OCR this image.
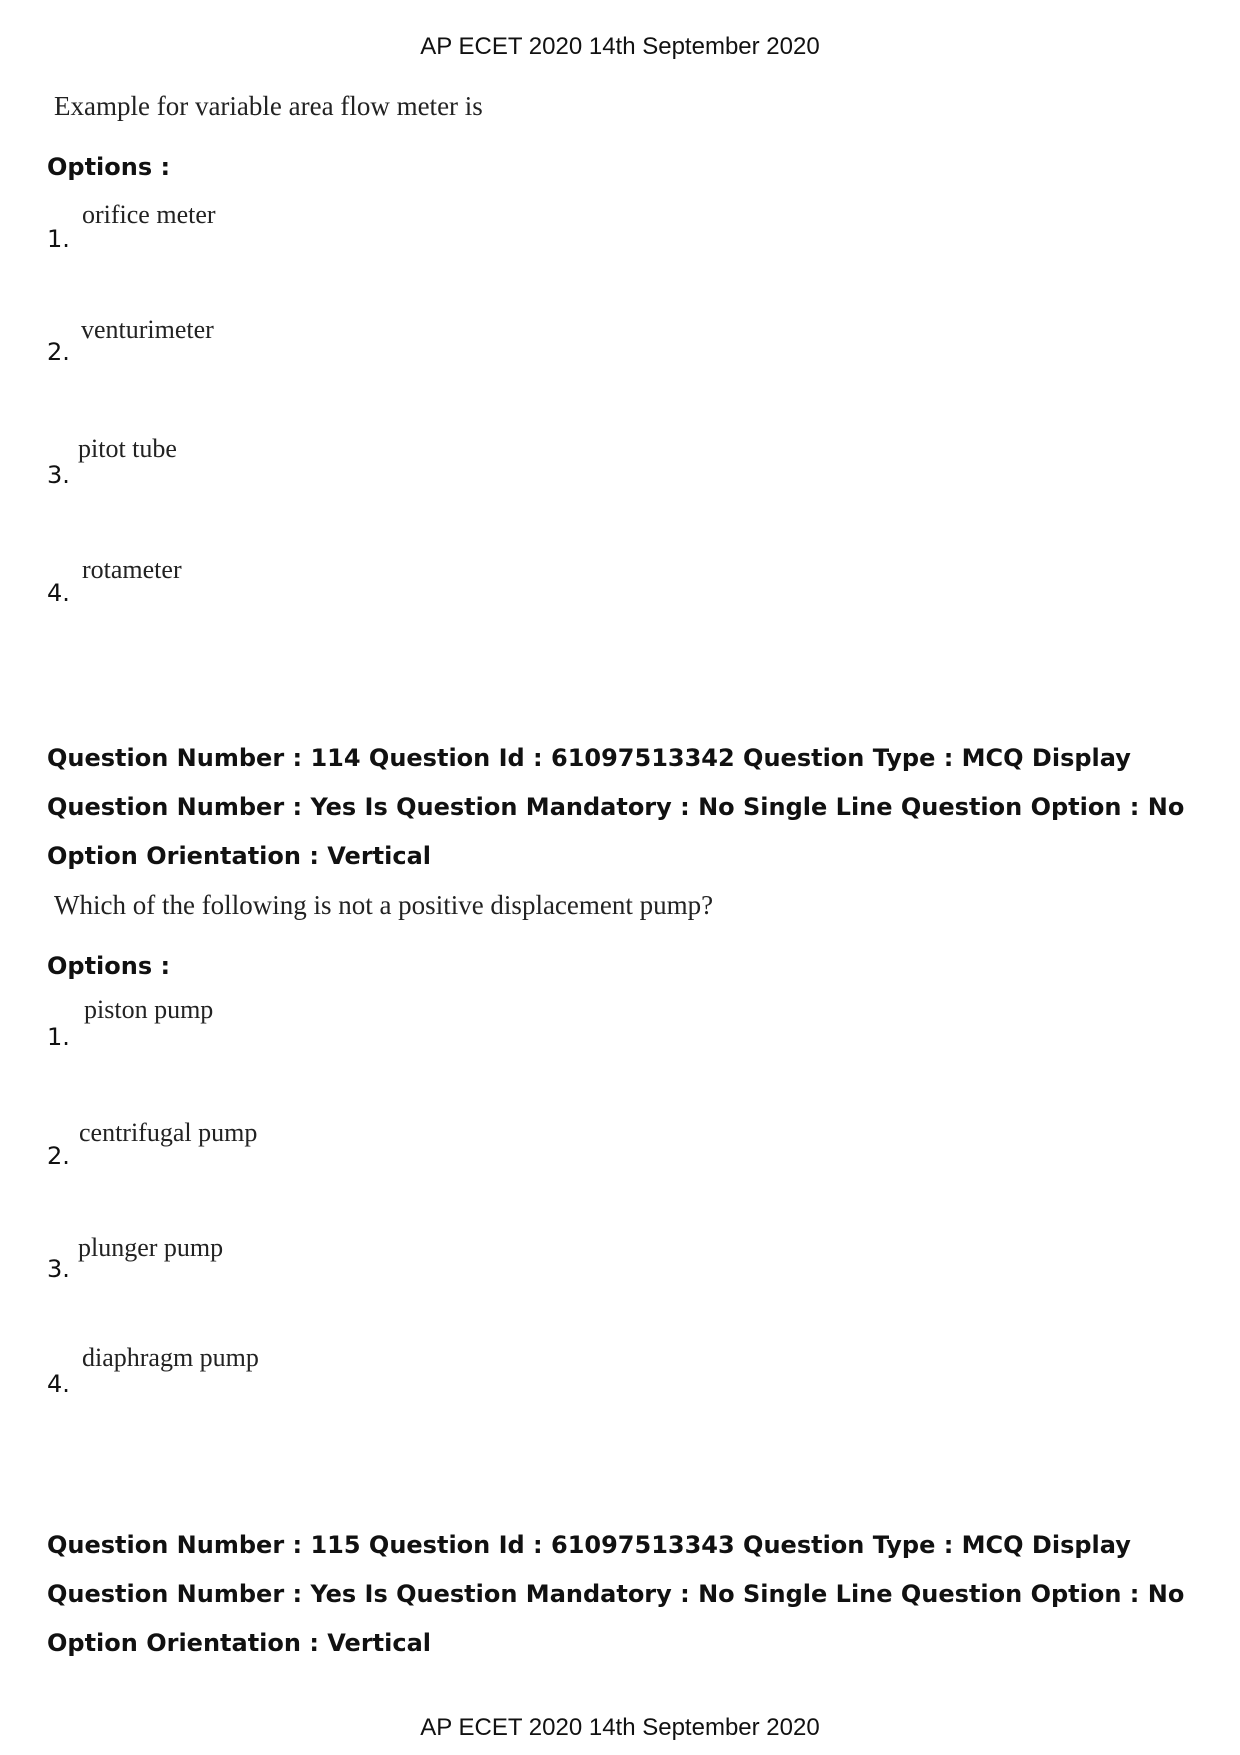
AP ECET 2020 14th September 2020
Example for variable area flow meter is
Options :
1.
orifice meter
2.
venturimeter
3.
pitot tube
4.
rotameter
Question Number : 114 Question Id : 61097513342 Question Type : MCQ Display Question Number : Yes Is Question Mandatory : No Single Line Question Option : No Option Orientation : Vertical
Which of the following is not a positive displacement pump?
Options :
1.
piston pump
2.
centrifugal pump
3.
plunger pump
4.
diaphragm pump
Question Number : 115 Question Id : 61097513343 Question Type : MCQ Display Question Number : Yes Is Question Mandatory : No Single Line Question Option : No Option Orientation : Vertical
AP ECET 2020 14th September 2020
